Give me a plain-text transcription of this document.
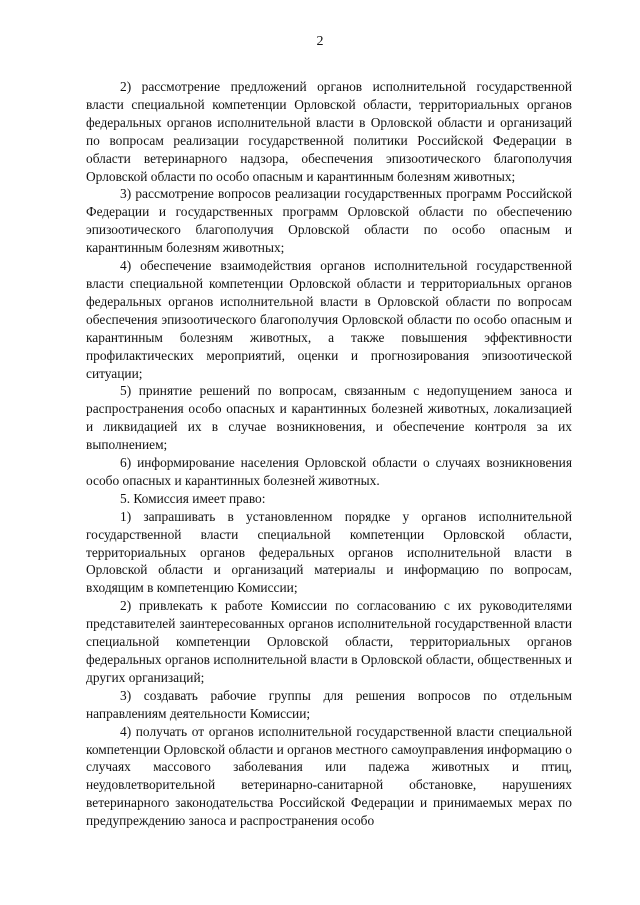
2

2) рассмотрение предложений органов исполнительной государственной власти специальной компетенции Орловской области, территориальных органов федеральных органов исполнительной власти в Орловской области и организаций по вопросам реализации государственной политики Российской Федерации в области ветеринарного надзора, обеспечения эпизоотического благополучия Орловской области по особо опасным и карантинным болезням животных;

3) рассмотрение вопросов реализации государственных программ Российской Федерации и государственных программ Орловской области по обеспечению эпизоотического благополучия Орловской области по особо опасным и карантинным болезням животных;

4) обеспечение взаимодействия органов исполнительной государственной власти специальной компетенции Орловской области и территориальных органов федеральных органов исполнительной власти в Орловской области по вопросам обеспечения эпизоотического благополучия Орловской области по особо опасным и карантинным болезням животных, а также повышения эффективности профилактических мероприятий, оценки и прогнозирования эпизоотической ситуации;

5) принятие решений по вопросам, связанным с недопущением заноса и распространения особо опасных и карантинных болезней животных, локализацией и ликвидацией их в случае возникновения, и обеспечение контроля за их выполнением;

6) информирование населения Орловской области о случаях возникновения особо опасных и карантинных болезней животных.

5. Комиссия имеет право:

1) запрашивать в установленном порядке у органов исполнительной государственной власти специальной компетенции Орловской области, территориальных органов федеральных органов исполнительной власти в Орловской области и организаций материалы и информацию по вопросам, входящим в компетенцию Комиссии;

2) привлекать к работе Комиссии по согласованию с их руководителями представителей заинтересованных органов исполнительной государственной власти специальной компетенции Орловской области, территориальных органов федеральных органов исполнительной власти в Орловской области, общественных и других организаций;

3) создавать рабочие группы для решения вопросов по отдельным направлениям деятельности Комиссии;

4) получать от органов исполнительной государственной власти специальной компетенции Орловской области и органов местного самоуправления информацию о случаях массового заболевания или падежа животных и птиц, неудовлетворительной ветеринарно-санитарной обстановке, нарушениях ветеринарного законодательства Российской Федерации и принимаемых мерах по предупреждению заноса и распространения особо
